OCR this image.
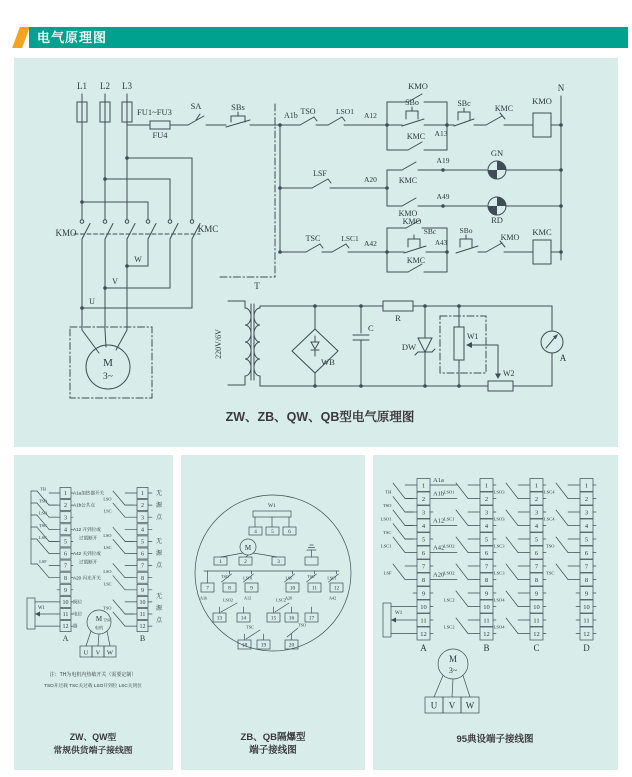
电气原理图
L1 L2 L3
FU1~FU3
FU4
SA	SBs
KMO	KMC
W
V
U
M
3~
A1b TSO	LSO1 A12
KMO
SBo
KMC A13
SBc
KMC
KMO
N
LSF
A20	KMC
A19
GN
KMO
A49
RD
TSC	LSC1
A42
KMO
SBc
KMC
A43
SBo
KMO
KMC
T
220V/6V
R
WB
C
DW
W1
W2
A
ZW、ZB、QW、QB型电气原理图
1
2
3
4
5
6
7
8
9
10
11
12
TH
TSO
LSO
TSC
LSC
LSF
A1a加热器开关
A1b公共点
A12 开到位或
过载断开
A42 关到位或
过载断开
A20 闪光开关
阀位
电位
器
1
2
3
4
5
6
7
8
9
10
11
12
LSO
LSC
LSO
LSC
LSO
LSC
TSO
TSC
无
源
点
无
源
点
无
源
点
W1
A	B
M
电机
U V W
注：TH为电机内热敏开关（需要定制）
TSO开过载 TSC关过载 LSO开到位 LSC关到位
ZW、QW型
常规供货端子接线图
W1
4	5	6
M
1	2	3
TSO	LSO1	LSF	TSC	LSC1
7	8	9	10	11	12
A1b	A12	A20	A42
LSO2	LSC2
13	14	15 16	17
TSC	TSO
18 19	20
ZB、QB隔爆型
端子接线图
1
2
3
4
5
6
7
8
9
10
11
12
TH
TSO
LSO1
TSC
LSC1
LSF
A1a
A1b
A12
A42
A20
W1
1
2
3
4
5
6
7
8
9
10
11
12
LSO1
LSC1
LSO2
LSO2
LSC2
LSC2
1
2
3
4
5
6
7
8
9
10
11
12
LSO3
LSO3
LSC3
LSC3
LSO4
LSO4
1
2
3
4
5
6
7
8
9
10
11
12
LSC4
LSC4
TSO
TSC
A	B	C	D
M
3~
U V W
95典设端子接线图
